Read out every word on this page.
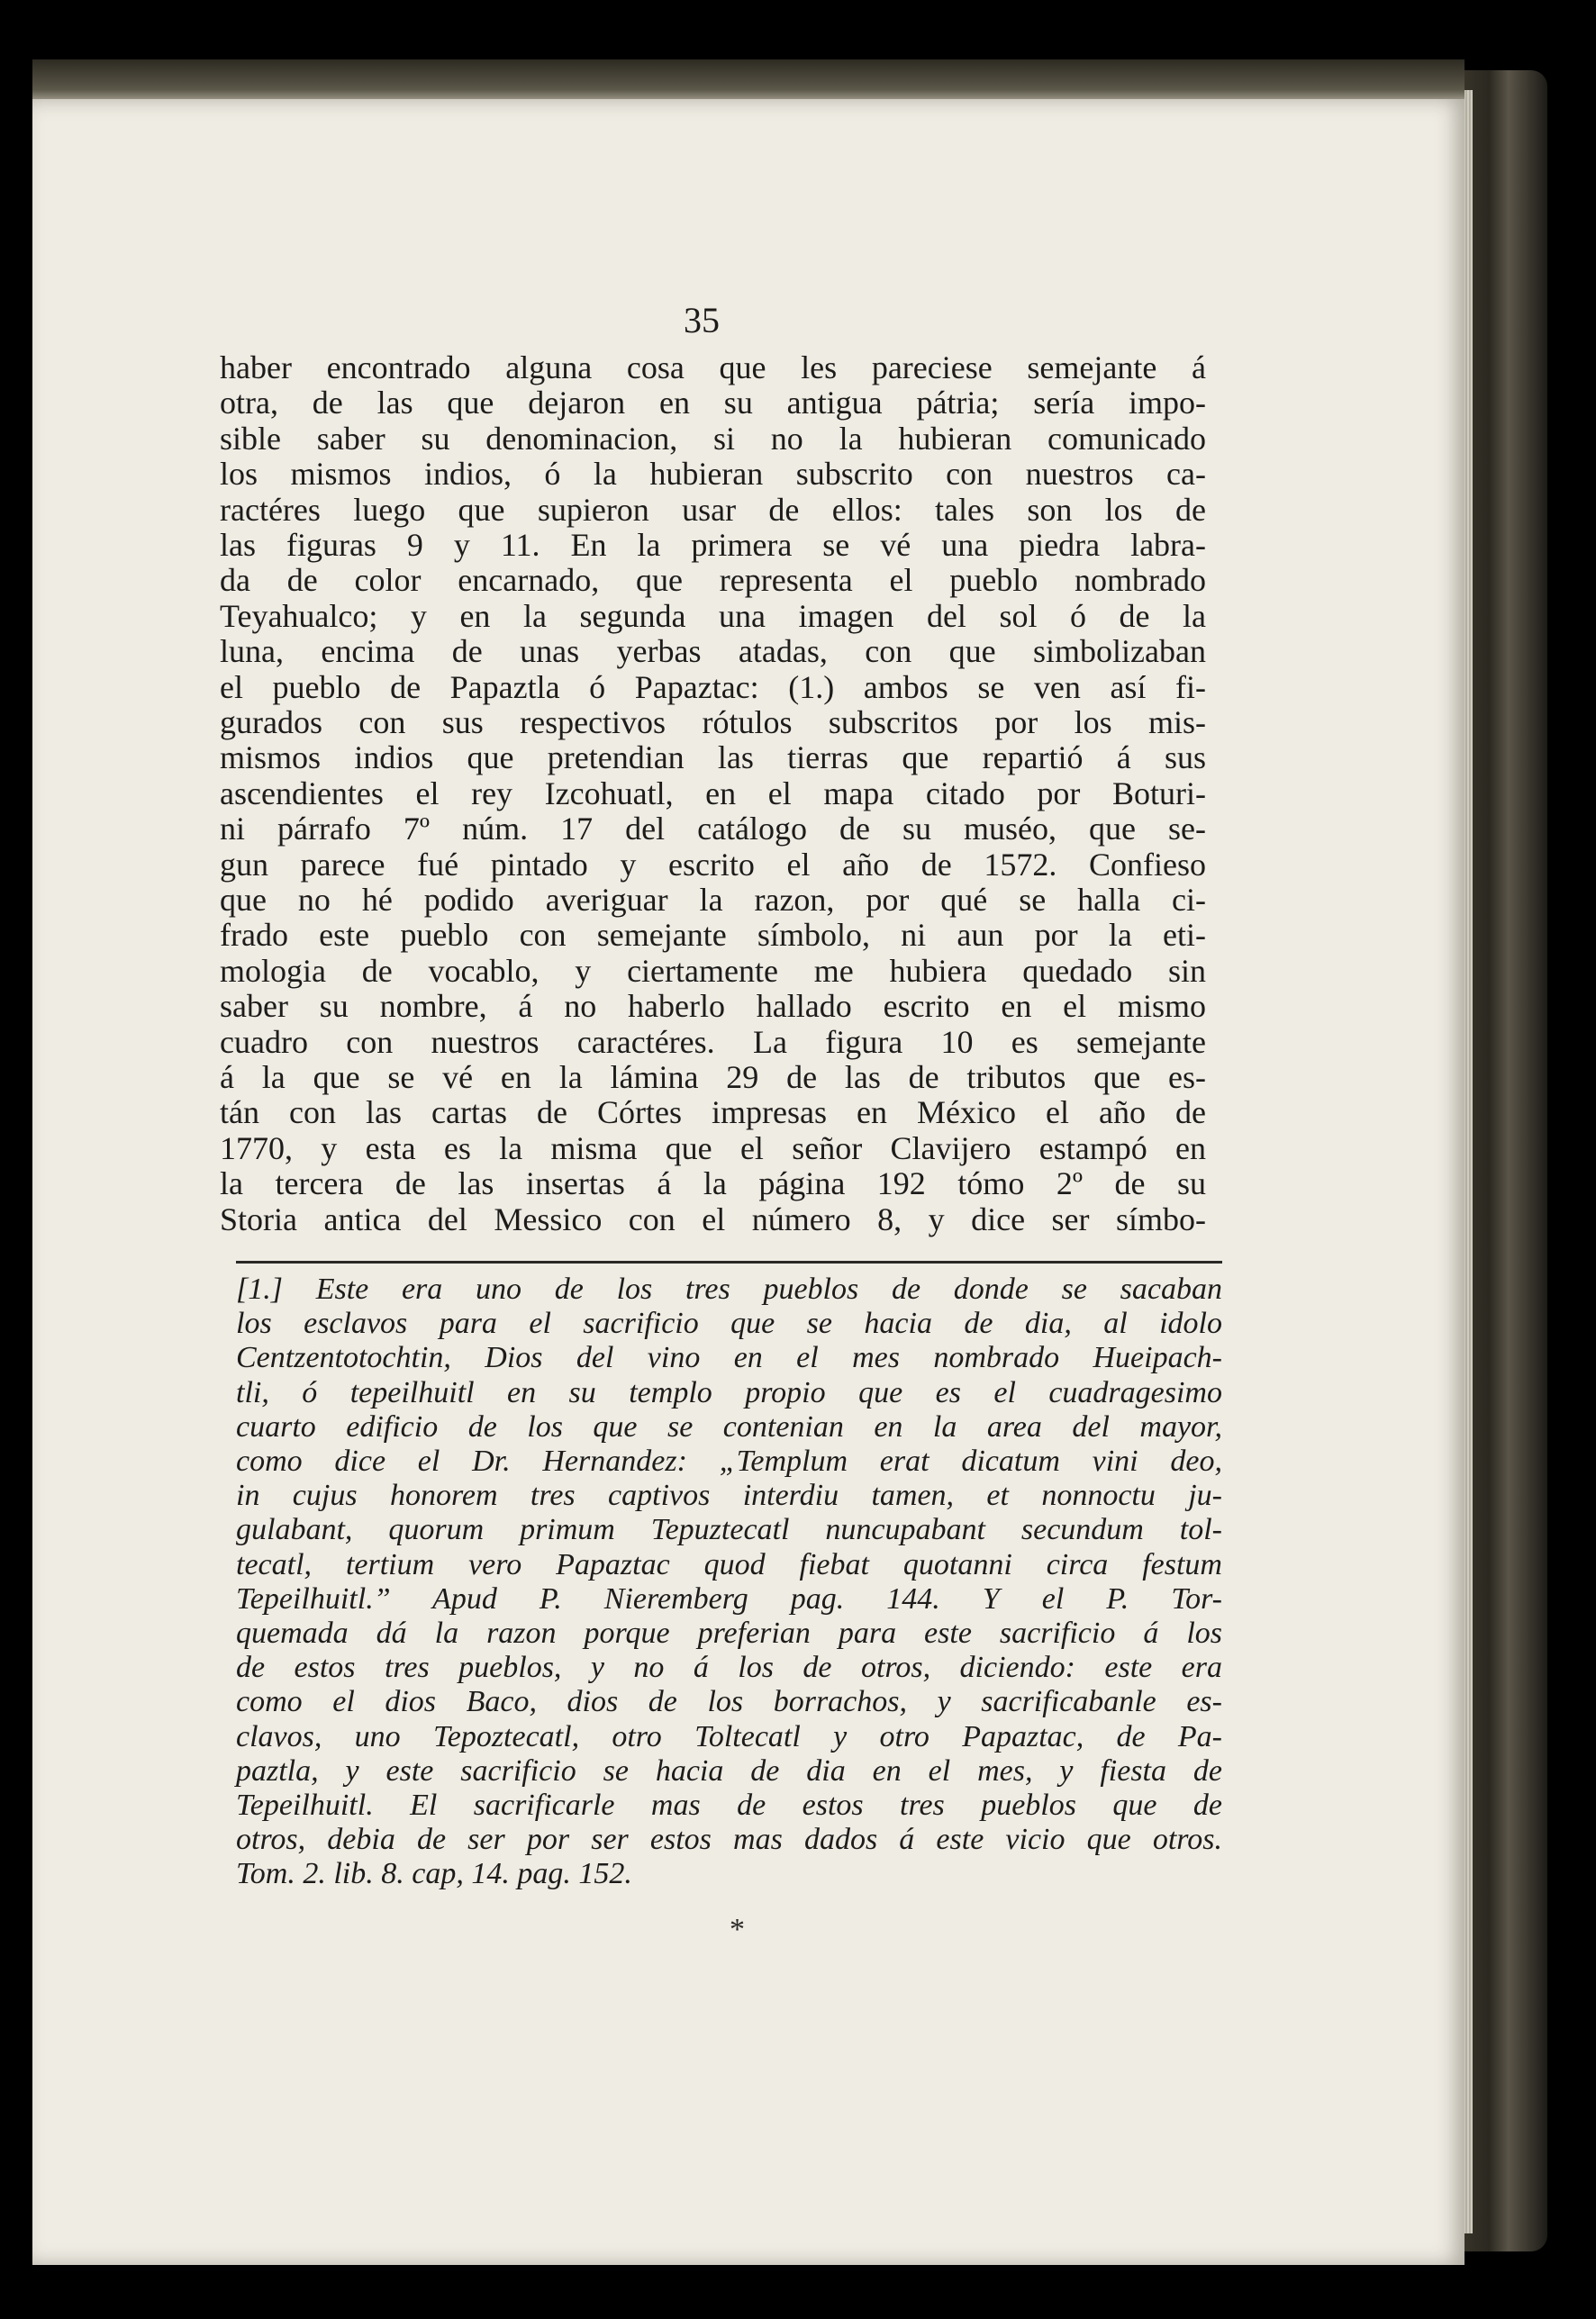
35
haber encontrado alguna cosa que les pareciese semejante á
otra, de las que dejaron en su antigua pátria; sería impo-
sible saber su denominacion, si no la hubieran comunicado
los mismos indios, ó la hubieran subscrito con nuestros ca-
ractéres luego que supieron usar de ellos: tales son los de
las figuras 9 y 11. En la primera se vé una piedra labra-
da de color encarnado, que representa el pueblo nombrado
Teyahualco; y en la segunda una imagen del sol ó de la
luna, encima de unas yerbas atadas, con que simbolizaban
el pueblo de Papaztla ó Papaztac: (1.) ambos se ven así fi-
gurados con sus respectivos rótulos subscritos por los mis-
mismos indios que pretendian las tierras que repartió á sus
ascendientes el rey Izcohuatl, en el mapa citado por Boturi-
ni párrafo 7º núm. 17 del catálogo de su muséo, que se-
gun parece fué pintado y escrito el año de 1572. Confieso
que no hé podido averiguar la razon, por qué se halla ci-
frado este pueblo con semejante símbolo, ni aun por la eti-
mologia de vocablo, y ciertamente me hubiera quedado sin
saber su nombre, á no haberlo hallado escrito en el mismo
cuadro con nuestros caractéres. La figura 10 es semejante
á la que se vé en la lámina 29 de las de tributos que es-
tán con las cartas de Córtes impresas en México el año de
1770, y esta es la misma que el señor Clavijero estampó en
la tercera de las insertas á la página 192 tómo 2º de su
Storia antica del Messico con el número 8, y dice ser símbo-
[1.] Este era uno de los tres pueblos de donde se sacaban
los esclavos para el sacrificio que se hacia de dia, al idolo
Centzentotochtin, Dios del vino en el mes nombrado Hueipach-
tli, ó tepeilhuitl en su templo propio que es el cuadragesimo
cuarto edificio de los que se contenian en la area del mayor,
como dice el Dr. Hernandez: „Templum erat dicatum vini deo,
in cujus honorem tres captivos interdiu tamen, et nonnoctu ju-
gulabant, quorum primum Tepuztecatl nuncupabant secundum tol-
tecatl, tertium vero Papaztac quod fiebat quotanni circa festum
Tepeilhuitl.” Apud P. Nieremberg pag. 144. Y el P. Tor-
quemada dá la razon porque preferian para este sacrificio á los
de estos tres pueblos, y no á los de otros, diciendo: este era
como el dios Baco, dios de los borrachos, y sacrificabanle es-
clavos, uno Tepoztecatl, otro Toltecatl y otro Papaztac, de Pa-
paztla, y este sacrificio se hacia de dia en el mes, y fiesta de
Tepeilhuitl. El sacrificarle mas de estos tres pueblos que de
otros, debia de ser por ser estos mas dados á este vicio que otros.
Tom. 2. lib. 8. cap, 14. pag. 152.
*
